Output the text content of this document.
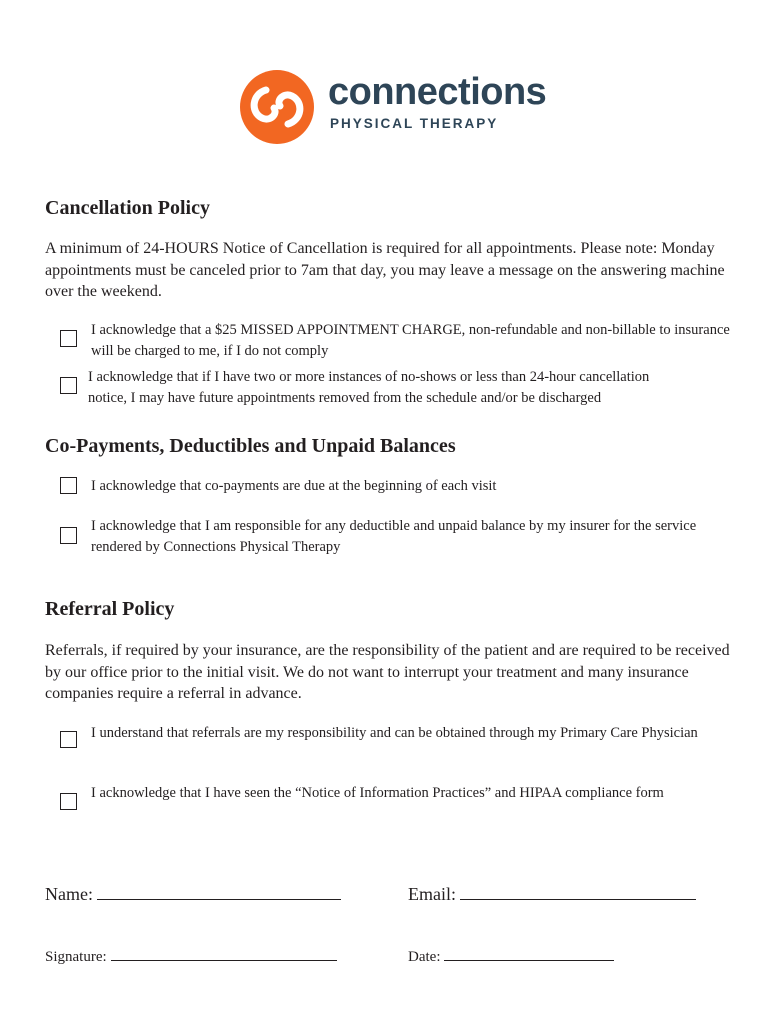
connections
PHYSICAL THERAPY
Cancellation Policy

A minimum of 24-HOURS Notice of Cancellation is required for all appointments. Please note: Monday appointments must be canceled prior to 7am that day, you may leave a message on the answering machine over the weekend.

I acknowledge that a $25 MISSED APPOINTMENT CHARGE, non-refundable and non-billable to insurance will be charged to me, if I do not comply

I acknowledge that if I have two or more instances of no-shows or less than 24-hour cancellation notice, I may have future appointments removed from the schedule and/or be discharged

Co-Payments, Deductibles and Unpaid Balances

I acknowledge that co-payments are due at the beginning of each visit

I acknowledge that I am responsible for any deductible and unpaid balance by my insurer for the service rendered by Connections Physical Therapy

Referral Policy

Referrals, if required by your insurance, are the responsibility of the patient and are required to be received by our office prior to the initial visit. We do not want to interrupt your treatment and many insurance companies require a referral in advance.

I understand that referrals are my responsibility and can be obtained through my Primary Care Physician

I acknowledge that I have seen the “Notice of Information Practices” and HIPAA compliance form

Name:	Email:
Signature:	Date:
